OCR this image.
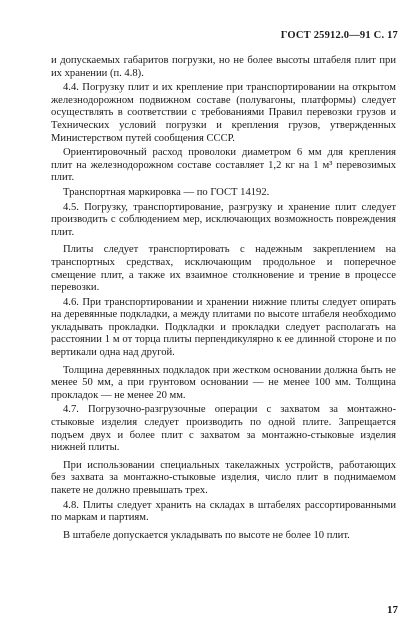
ГОСТ 25912.0—91 С. 17

и допускаемых габаритов погрузки, но не более высоты штабеля плит при их хранении (п. 4.8).

4.4. Погрузку плит и их крепление при транспортировании на открытом железнодорожном подвижном составе (полувагоны, платформы) следует осуществлять в соответствии с требованиями Правил перевозки грузов и Технических условий погрузки и крепления грузов, утвержденных Министерством путей сообщения СССР.

Ориентировочный расход проволоки диаметром 6 мм для крепления плит на железнодорожном составе составляет 1,2 кг на 1 м³ перевозимых плит.

Транспортная маркировка — по ГОСТ 14192.

4.5. Погрузку, транспортирование, разгрузку и хранение плит следует производить с соблюдением мер, исключающих возможность повреждения плит.

Плиты следует транспортировать с надежным закреплением на транспортных средствах, исключающим продольное и поперечное смещение плит, а также их взаимное столкновение и трение в процессе перевозки.

4.6. При транспортировании и хранении нижние плиты следует опирать на деревянные подкладки, а между плитами по высоте штабеля необходимо укладывать прокладки. Подкладки и прокладки следует располагать на расстоянии 1 м от торца плиты перпендикулярно к ее длинной стороне и по вертикали одна над другой.

Толщина деревянных подкладок при жестком основании должна быть не менее 50 мм, а при грунтовом основании — не менее 100 мм. Толщина прокладок — не менее 20 мм.

4.7. Погрузочно-разгрузочные операции с захватом за монтажно-стыковые изделия следует производить по одной плите. Запрещается подъем двух и более плит с захватом за монтажно-стыковые изделия нижней плиты.

При использовании специальных такелажных устройств, работающих без захвата за монтажно-стыковые изделия, число плит в поднимаемом пакете не должно превышать трех.

4.8. Плиты следует хранить на складах в штабелях рассортированными по маркам и партиям.

В штабеле допускается укладывать по высоте не более 10 плит.

17
